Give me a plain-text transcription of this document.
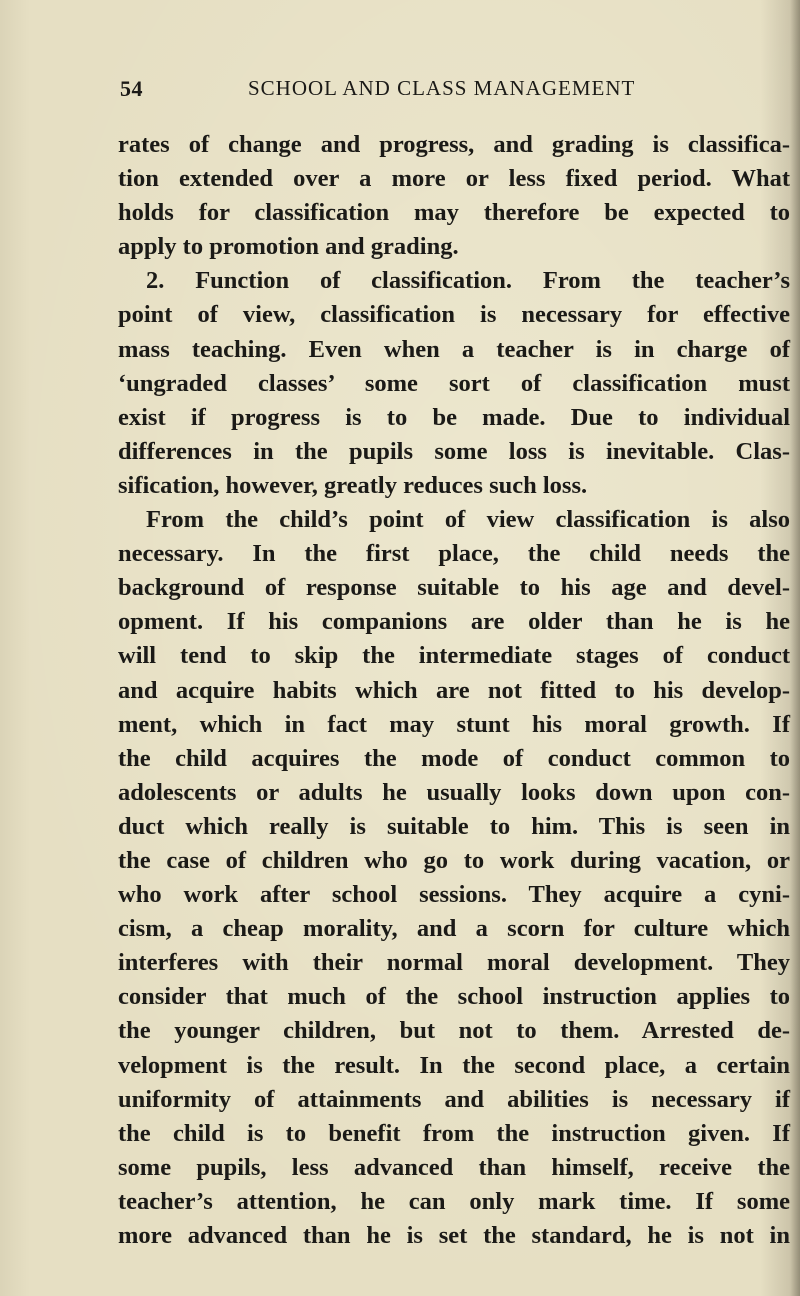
54	SCHOOL AND CLASS MANAGEMENT
rates of change and progress, and grading is classifica-
tion extended over a more or less fixed period. What
holds for classification may therefore be expected to
apply to promotion and grading.
2. Function of classification. From the teacher’s
point of view, classification is necessary for effective
mass teaching. Even when a teacher is in charge of
‘ungraded classes’ some sort of classification must
exist if progress is to be made. Due to individual
differences in the pupils some loss is inevitable. Clas-
sification, however, greatly reduces such loss.
From the child’s point of view classification is also
necessary. In the first place, the child needs the
background of response suitable to his age and devel-
opment. If his companions are older than he is he
will tend to skip the intermediate stages of conduct
and acquire habits which are not fitted to his develop-
ment, which in fact may stunt his moral growth. If
the child acquires the mode of conduct common to
adolescents or adults he usually looks down upon con-
duct which really is suitable to him. This is seen in
the case of children who go to work during vacation, or
who work after school sessions. They acquire a cyni-
cism, a cheap morality, and a scorn for culture which
interferes with their normal moral development. They
consider that much of the school instruction applies to
the younger children, but not to them. Arrested de-
velopment is the result. In the second place, a certain
uniformity of attainments and abilities is necessary if
the child is to benefit from the instruction given. If
some pupils, less advanced than himself, receive the
teacher’s attention, he can only mark time. If some
more advanced than he is set the standard, he is not in
